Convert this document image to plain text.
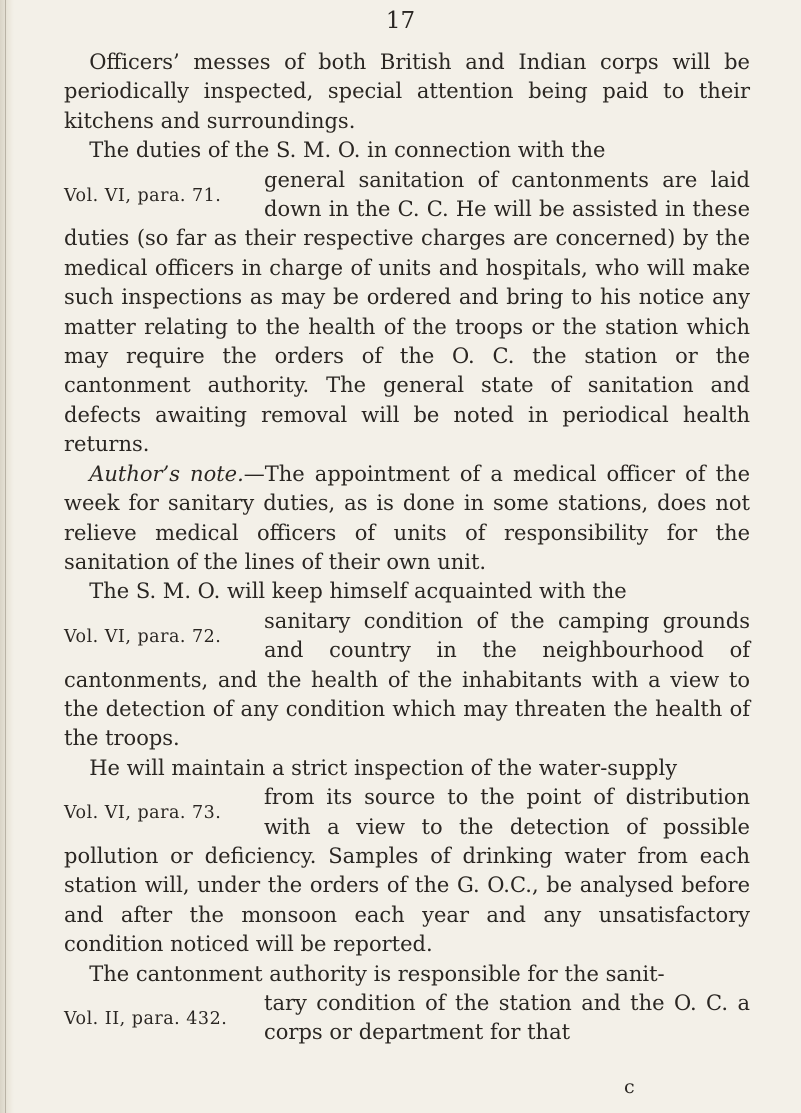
17

Officers’ messes of both British and Indian corps will be periodically inspected, special attention being paid to their kitchens and surroundings.

The duties of the S. M. O. in connection with the

Vol. VI, para. 71.
general sanitation of cantonments are laid down in the C. C. He will be assisted in these duties (so far as their respective charges are concerned) by the medical officers in charge of units and hospitals, who will make such inspections as may be ordered and bring to his notice any matter relating to the health of the troops or the station which may require the orders of the O. C. the station or the cantonment authority. The general state of sanitation and defects awaiting removal will be noted in periodical health returns.

Author’s note.—The appointment of a medical officer of the week for sanitary duties, as is done in some stations, does not relieve medical officers of units of responsibility for the sanitation of the lines of their own unit.

The S. M. O. will keep himself acquainted with the

Vol. VI, para. 72.
sanitary condition of the camping grounds and country in the neighbourhood of cantonments, and the health of the inhabitants with a view to the detection of any condition which may threaten the health of the troops.

He will maintain a strict inspection of the water-supply

Vol. VI, para. 73.
from its source to the point of distribution with a view to the detection of possible pollution or deficiency. Samples of drinking water from each station will, under the orders of the G. O.C., be analysed before and after the monsoon each year and any unsatisfactory condition noticed will be reported.

The cantonment authority is responsible for the sanit-

Vol. II, para. 432.
tary condition of the station and the O. C. a corps or department for that

c
